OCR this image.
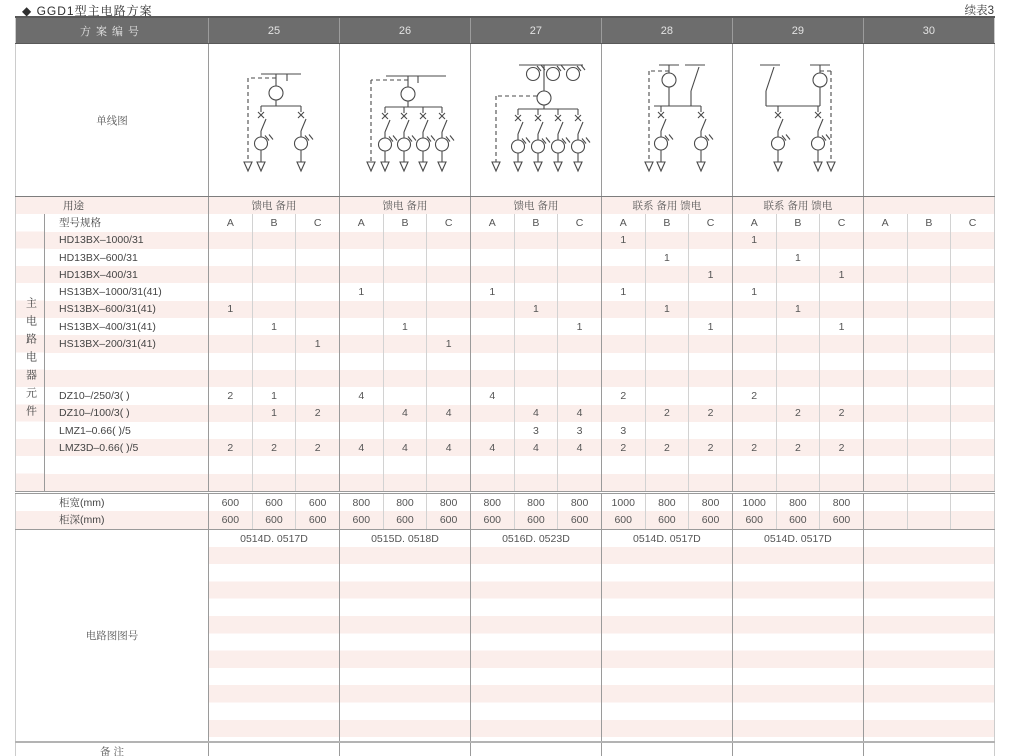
◆ GGD1型主电路方案	续表3
方案编号		25			26			27			28			29			30		
单线图	

用途		馈电 备用			馈电 备用			馈电 备用			联系 备用 馈电			联系 备用 馈电					

主电路电器元件	型号规格	A	B	C	A	B	C	A	B	C	A	B	C	A	B	C	A	B	C
	HD13BX–1000/31										1			1					
	HD13BX–600/31											1			1				
	HD13BX–400/31												1			1			
	HS13BX–1000/31(41)				1			1			1			1					
	HS13BX–600/31(41)	1							1			1			1				
	HS13BX–400/31(41)		1			1				1			1			1			
	HS13BX–200/31(41)			1			1												

	DZ10–/250/3( )	2	1		4			4			2			2					
	DZ10–/100/3( )		1	2		4	4		4	4		2	2		2	2			
	LMZ1–0.66( )/5								3	3	3								
	LMZ3D–0.66( )/5	2	2	2	4	4	4	4	4	4	2	2	2	2	2	2			

柜宽(mm)		600	600	600	800	800	800	800	800	800	1000	800	800	1000	800	800			
柜深(mm)		600	600	600	600	600	600	600	600	600	600	600	600	600	600	600			
电路图图号		0514D. 0517D			0515D. 0518D			0516D. 0523D			0514D. 0517D			0514D. 0517D					
备 注																			
